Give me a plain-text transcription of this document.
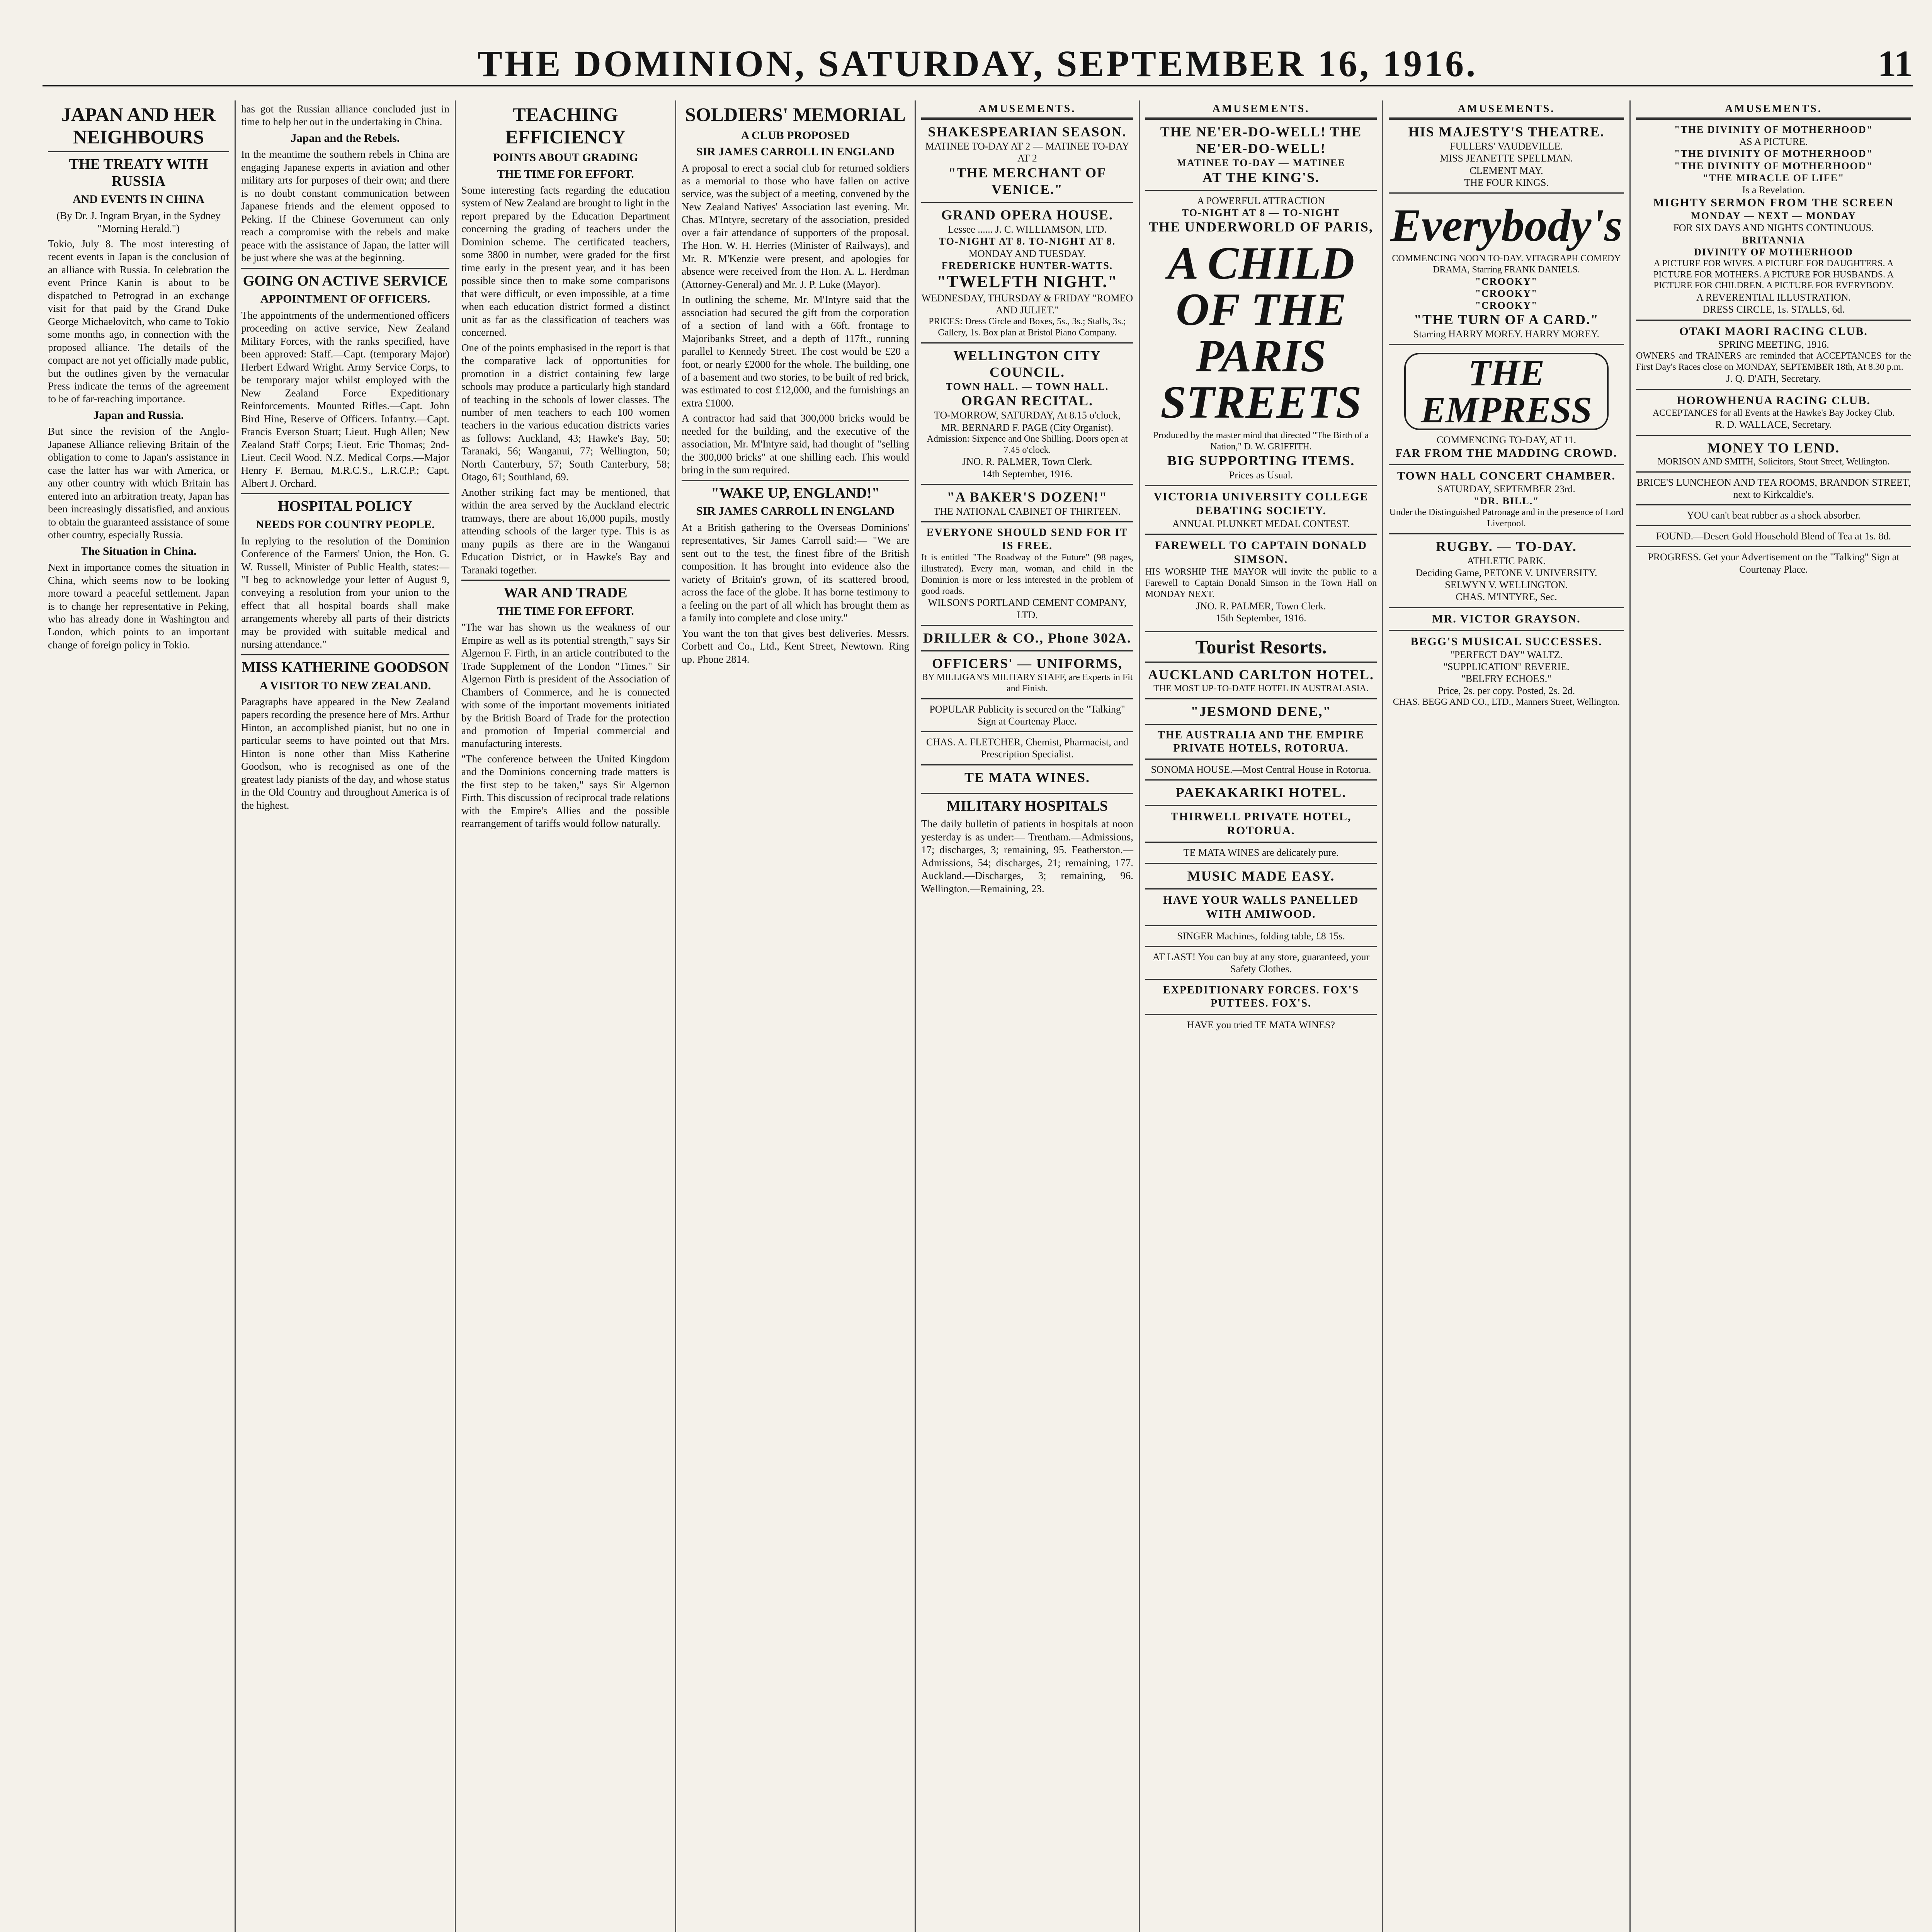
THE DOMINION, SATURDAY, SEPTEMBER 16, 1916.	11
JAPAN AND HER NEIGHBOURS
THE TREATY WITH RUSSIA
AND EVENTS IN CHINA
(By Dr. J. Ingram Bryan, in the Sydney "Morning Herald.")
Tokio, July 8. The most interesting of recent events in Japan is the conclusion of an alliance with Russia. In celebration the event Prince Kanin is about to be dispatched to Petrograd in an exchange visit for that paid by the Grand Duke George Michaelovitch, who came to Tokio some months ago, in connection with the proposed alliance. The details of the compact are not yet officially made public, but the outlines given by the vernacular Press indicate the terms of the agreement to be of far-reaching importance.
Japan and Russia.
But since the revision of the Anglo-Japanese Alliance relieving Britain of the obligation to come to Japan's assistance in case the latter has war with America, or any other country with which Britain has entered into an arbitration treaty, Japan has been increasingly dissatisfied, and anxious to obtain the guaranteed assistance of some other country, especially Russia.
The Situation in China.
Next in importance comes the situation in China, which seems now to be looking more toward a peaceful settlement. Japan is to change her representative in Peking, who has already done in Washington and London, which points to an important change of foreign policy in Tokio.
has got the Russian alliance concluded just in time to help her out in the undertaking in China.
Japan and the Rebels.
In the meantime the southern rebels in China are engaging Japanese experts in aviation and other military arts for purposes of their own; and there is no doubt constant communication between Japanese friends and the element opposed to Peking. If the Chinese Government can only reach a compromise with the rebels and make peace with the assistance of Japan, the latter will be just where she was at the beginning.
GOING ON ACTIVE SERVICE
APPOINTMENT OF OFFICERS.
The appointments of the undermentioned officers proceeding on active service, New Zealand Military Forces, with the ranks specified, have been approved: Staff.—Capt. (temporary Major) Herbert Edward Wright. Army Service Corps, to be temporary major whilst employed with the New Zealand Force Expeditionary Reinforcements. Mounted Rifles.—Capt. John Bird Hine, Reserve of Officers. Infantry.—Capt. Francis Everson Stuart; Lieut. Hugh Allen; New Zealand Staff Corps; Lieut. Eric Thomas; 2nd-Lieut. Cecil Wood. N.Z. Medical Corps.—Major Henry F. Bernau, M.R.C.S., L.R.C.P.; Capt. Albert J. Orchard.
HOSPITAL POLICY
NEEDS FOR COUNTRY PEOPLE.
In replying to the resolution of the Dominion Conference of the Farmers' Union, the Hon. G. W. Russell, Minister of Public Health, states:— "I beg to acknowledge your letter of August 9, conveying a resolution from your union to the effect that all hospital boards shall make arrangements whereby all parts of their districts may be provided with suitable medical and nursing attendance."
MISS KATHERINE GOODSON
A VISITOR TO NEW ZEALAND.
Paragraphs have appeared in the New Zealand papers recording the presence here of Mrs. Arthur Hinton, an accomplished pianist, but no one in particular seems to have pointed out that Mrs. Hinton is none other than Miss Katherine Goodson, who is recognised as one of the greatest lady pianists of the day, and whose status in the Old Country and throughout America is of the highest.
TEACHING EFFICIENCY
POINTS ABOUT GRADING
THE TIME FOR EFFORT.
Some interesting facts regarding the education system of New Zealand are brought to light in the report prepared by the Education Department concerning the grading of teachers under the Dominion scheme. The certificated teachers, some 3800 in number, were graded for the first time early in the present year, and it has been possible since then to make some comparisons that were difficult, or even impossible, at a time when each education district formed a distinct unit as far as the classification of teachers was concerned.
One of the points emphasised in the report is that the comparative lack of opportunities for promotion in a district containing few large schools may produce a particularly high standard of teaching in the schools of lower classes. The number of men teachers to each 100 women teachers in the various education districts varies as follows: Auckland, 43; Hawke's Bay, 50; Taranaki, 56; Wanganui, 77; Wellington, 50; North Canterbury, 57; South Canterbury, 58; Otago, 61; Southland, 69.
Another striking fact may be mentioned, that within the area served by the Auckland electric tramways, there are about 16,000 pupils, mostly attending schools of the larger type. This is as many pupils as there are in the Wanganui Education District, or in Hawke's Bay and Taranaki together.
WAR AND TRADE
THE TIME FOR EFFORT.
"The war has shown us the weakness of our Empire as well as its potential strength," says Sir Algernon F. Firth, in an article contributed to the Trade Supplement of the London "Times." Sir Algernon Firth is president of the Association of Chambers of Commerce, and he is connected with some of the important movements initiated by the British Board of Trade for the protection and promotion of Imperial commercial and manufacturing interests.
"The conference between the United Kingdom and the Dominions concerning trade matters is the first step to be taken," says Sir Algernon Firth. This discussion of reciprocal trade relations with the Empire's Allies and the possible rearrangement of tariffs would follow naturally.
SOLDIERS' MEMORIAL
A CLUB PROPOSED
SIR JAMES CARROLL IN ENGLAND
A proposal to erect a social club for returned soldiers as a memorial to those who have fallen on active service, was the subject of a meeting, convened by the New Zealand Natives' Association last evening. Mr. Chas. M'Intyre, secretary of the association, presided over a fair attendance of supporters of the proposal. The Hon. W. H. Herries (Minister of Railways), and Mr. R. M'Kenzie were present, and apologies for absence were received from the Hon. A. L. Herdman (Attorney-General) and Mr. J. P. Luke (Mayor).
In outlining the scheme, Mr. M'Intyre said that the association had secured the gift from the corporation of a section of land with a 66ft. frontage to Majoribanks Street, and a depth of 117ft., running parallel to Kennedy Street. The cost would be £20 a foot, or nearly £2000 for the whole. The building, one of a basement and two stories, to be built of red brick, was estimated to cost £12,000, and the furnishings an extra £1000.
A contractor had said that 300,000 bricks would be needed for the building, and the executive of the association, Mr. M'Intyre said, had thought of "selling the 300,000 bricks" at one shilling each. This would bring in the sum required.
"WAKE UP, ENGLAND!"
SIR JAMES CARROLL IN ENGLAND
At a British gathering to the Overseas Dominions' representatives, Sir James Carroll said:— "We are sent out to the test, the finest fibre of the British composition. It has brought into evidence also the variety of Britain's grown, of its scattered brood, across the face of the globe. It has borne testimony to a feeling on the part of all which has brought them as a family into complete and close unity."
You want the ton that gives best deliveries. Messrs. Corbett and Co., Ltd., Kent Street, Newtown. Ring up. Phone 2814.
AMUSEMENTS.
SHAKESPEARIAN SEASON.
MATINEE TO-DAY AT 2 — MATINEE TO-DAY AT 2
"THE MERCHANT OF VENICE."
GRAND OPERA HOUSE.
Lessee ...... J. C. WILLIAMSON, LTD.
TO-NIGHT AT 8. TO-NIGHT AT 8.
MONDAY AND TUESDAY.
FREDERICKE HUNTER-WATTS.
"TWELFTH NIGHT."
WEDNESDAY, THURSDAY & FRIDAY "ROMEO AND JULIET."
PRICES: Dress Circle and Boxes, 5s., 3s.; Stalls, 3s.; Gallery, 1s. Box plan at Bristol Piano Company.
WELLINGTON CITY COUNCIL.
TOWN HALL. — TOWN HALL.
ORGAN RECITAL.
TO-MORROW, SATURDAY, At 8.15 o'clock,
MR. BERNARD F. PAGE (City Organist).
Admission: Sixpence and One Shilling. Doors open at 7.45 o'clock.
JNO. R. PALMER, Town Clerk.
14th September, 1916.
"A BAKER'S DOZEN!"
THE NATIONAL CABINET OF THIRTEEN.
EVERYONE SHOULD SEND FOR IT IS FREE.
It is entitled "The Roadway of the Future" (98 pages, illustrated). Every man, woman, and child in the Dominion is more or less interested in the problem of good roads.
WILSON'S PORTLAND CEMENT COMPANY, LTD.
DRILLER & CO., Phone 302A.
OFFICERS' — UNIFORMS,
BY MILLIGAN'S MILITARY STAFF, are Experts in Fit and Finish.
POPULAR Publicity is secured on the "Talking" Sign at Courtenay Place.
CHAS. A. FLETCHER, Chemist, Pharmacist, and Prescription Specialist.
TE MATA WINES.
MILITARY HOSPITALS
The daily bulletin of patients in hospitals at noon yesterday is as under:— Trentham.—Admissions, 17; discharges, 3; remaining, 95. Featherston.—Admissions, 54; discharges, 21; remaining, 177. Auckland.—Discharges, 3; remaining, 96. Wellington.—Remaining, 23.
AMUSEMENTS.
THE NE'ER-DO-WELL! THE NE'ER-DO-WELL!
MATINEE TO-DAY — MATINEE
AT THE KING'S.
A POWERFUL ATTRACTION
TO-NIGHT AT 8 — TO-NIGHT
THE UNDERWORLD OF PARIS,
A CHILD OF THE PARIS STREETS
Produced by the master mind that directed "The Birth of a Nation," D. W. GRIFFITH.
BIG SUPPORTING ITEMS.
Prices as Usual.
VICTORIA UNIVERSITY COLLEGE DEBATING SOCIETY.
ANNUAL PLUNKET MEDAL CONTEST.
FAREWELL TO CAPTAIN DONALD SIMSON.
HIS WORSHIP THE MAYOR will invite the public to a Farewell to Captain Donald Simson in the Town Hall on MONDAY NEXT.
JNO. R. PALMER, Town Clerk.
15th September, 1916.
Tourist Resorts.
AUCKLAND CARLTON HOTEL.
THE MOST UP-TO-DATE HOTEL IN AUSTRALASIA.
"JESMOND DENE,"
THE AUSTRALIA AND THE EMPIRE PRIVATE HOTELS, ROTORUA.
SONOMA HOUSE.—Most Central House in Rotorua.
PAEKAKARIKI HOTEL.
THIRWELL PRIVATE HOTEL, ROTORUA.
TE MATA WINES are delicately pure.
MUSIC MADE EASY.
HAVE YOUR WALLS PANELLED WITH AMIWOOD.
SINGER Machines, folding table, £8 15s.
AT LAST! You can buy at any store, guaranteed, your Safety Clothes.
EXPEDITIONARY FORCES. FOX'S PUTTEES. FOX'S.
HAVE you tried TE MATA WINES?
AMUSEMENTS.
HIS MAJESTY'S THEATRE.
FULLERS' VAUDEVILLE.
MISS JEANETTE SPELLMAN.
CLEMENT MAY.
THE FOUR KINGS.
Everybody's
COMMENCING NOON TO-DAY. VITAGRAPH COMEDY DRAMA, Starring FRANK DANIELS.
"CROOKY"
"CROOKY"
"CROOKY"
"THE TURN OF A CARD."
Starring HARRY MOREY. HARRY MOREY.
THE EMPRESS
COMMENCING TO-DAY, AT 11.
FAR FROM THE MADDING CROWD.
TOWN HALL CONCERT CHAMBER.
SATURDAY, SEPTEMBER 23rd.
"DR. BILL."
Under the Distinguished Patronage and in the presence of Lord Liverpool.
RUGBY. — TO-DAY.
ATHLETIC PARK.
Deciding Game, PETONE V. UNIVERSITY.
SELWYN V. WELLINGTON.
CHAS. M'INTYRE, Sec.
MR. VICTOR GRAYSON.
BEGG'S MUSICAL SUCCESSES.
"PERFECT DAY" WALTZ.
"SUPPLICATION" REVERIE.
"BELFRY ECHOES."
Price, 2s. per copy. Posted, 2s. 2d.
CHAS. BEGG AND CO., LTD., Manners Street, Wellington.
AMUSEMENTS.
"THE DIVINITY OF MOTHERHOOD"
AS A PICTURE.
"THE DIVINITY OF MOTHERHOOD"
"THE DIVINITY OF MOTHERHOOD"
"THE MIRACLE OF LIFE"
Is a Revelation.
MIGHTY SERMON FROM THE SCREEN
MONDAY — NEXT — MONDAY
FOR SIX DAYS AND NIGHTS CONTINUOUS.
BRITANNIA
DIVINITY OF MOTHERHOOD
A PICTURE FOR WIVES. A PICTURE FOR DAUGHTERS. A PICTURE FOR MOTHERS. A PICTURE FOR HUSBANDS. A PICTURE FOR CHILDREN. A PICTURE FOR EVERYBODY.
A REVERENTIAL ILLUSTRATION.
DRESS CIRCLE, 1s. STALLS, 6d.
OTAKI MAORI RACING CLUB.
SPRING MEETING, 1916.
OWNERS and TRAINERS are reminded that ACCEPTANCES for the First Day's Races close on MONDAY, SEPTEMBER 18th, At 8.30 p.m.
J. Q. D'ATH, Secretary.
HOROWHENUA RACING CLUB.
ACCEPTANCES for all Events at the Hawke's Bay Jockey Club.
R. D. WALLACE, Secretary.
MONEY TO LEND.
MORISON AND SMITH, Solicitors, Stout Street, Wellington.
BRICE'S LUNCHEON AND TEA ROOMS, BRANDON STREET, next to Kirkcaldie's.
YOU can't beat rubber as a shock absorber.
FOUND.—Desert Gold Household Blend of Tea at 1s. 8d.
PROGRESS. Get your Advertisement on the "Talking" Sign at Courtenay Place.
